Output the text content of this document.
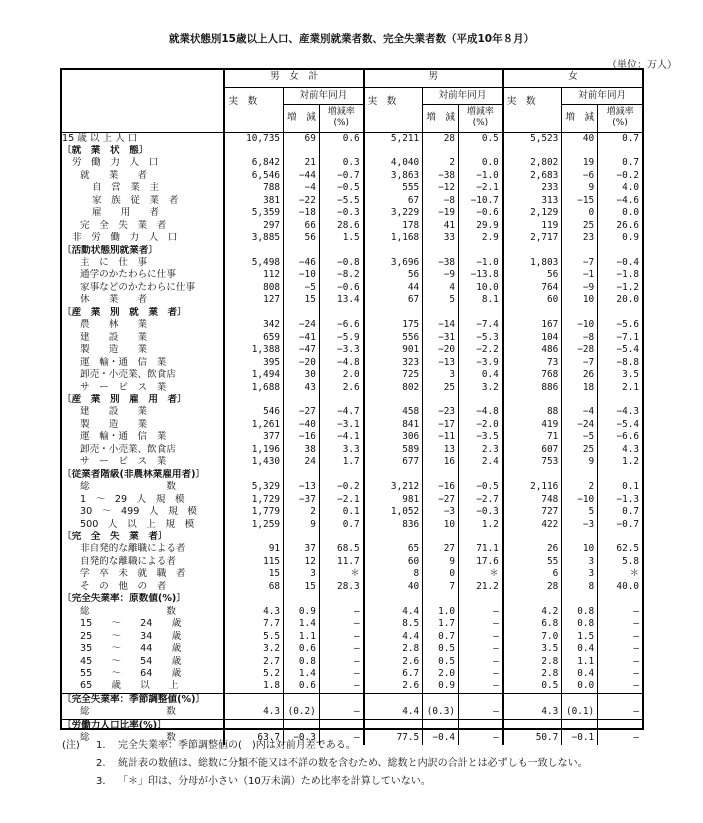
就業状態別15歳以上人口、産業別就業者数、完全失業者数（平成10年８月）
（単位：万人）
	男　女　計			男			女		
	実　数	対前年同月		実　数	対前年同月		実　数	対前年同月	
		増　減	増減率(%)		増　減	増減率(%)		増　減	増減率(%)
15 歳 以 上 人 口	10,735	69	0.6	5,211	28	0.5	5,523	40	0.7
〔就　業　状　態〕									
労　働　力　人　口	6,842	21	0.3	4,040	2	0.0	2,802	19	0.7
就　　業　　者	6,546	−44	−0.7	3,863	−38	−1.0	2,683	−6	−0.2
自　営　業　主	788	−4	−0.5	555	−12	−2.1	233	9	4.0
家　族　従　業　者	381	−22	−5.5	67	−8	−10.7	313	−15	−4.6
雇　　用　　者	5,359	−18	−0.3	3,229	−19	−0.6	2,129	0	0.0
完　全　失　業　者	297	66	28.6	178	41	29.9	119	25	26.6
非　労　働　力　人　口	3,885	56	1.5	1,168	33	2.9	2,717	23	0.9
〔活動状態別就業者〕									
主　に　仕　事	5,498	−46	−0.8	3,696	−38	−1.0	1,803	−7	−0.4
通学のかたわらに仕事	112	−10	−8.2	56	−9	−13.8	56	−1	−1.8
家事などのかたわらに仕事	808	−5	−0.6	44	4	10.0	764	−9	−1.2
休　　業　　者	127	15	13.4	67	5	8.1	60	10	20.0
〔産　業　別　就　業　者〕									
農　　林　　業	342	−24	−6.6	175	−14	−7.4	167	−10	−5.6
建　　設　　業	659	−41	−5.9	556	−31	−5.3	104	−8	−7.1
製　　造　　業	1,388	−47	−3.3	901	−20	−2.2	486	−28	−5.4
運　輸・通　信　業	395	−20	−4.8	323	−13	−3.9	73	−7	−8.8
卸売・小売業、飲食店	1,494	30	2.0	725	3	0.4	768	26	3.5
サ　ー　ビ　ス　業	1,688	43	2.6	802	25	3.2	886	18	2.1
〔産　業　別　雇　用　者〕									
建　　設　　業	546	−27	−4.7	458	−23	−4.8	88	−4	−4.3
製　　造　　業	1,261	−40	−3.1	841	−17	−2.0	419	−24	−5.4
運　輸・通　信　業	377	−16	−4.1	306	−11	−3.5	71	−5	−6.6
卸売・小売業、飲食店	1,196	38	3.3	589	13	2.3	607	25	4.3
サ　ー　ビ　ス　業	1,430	24	1.7	677	16	2.4	753	9	1.2
〔従業者階級(非農林業雇用者)〕									
総　　　　　　　　数	5,329	−13	−0.2	3,212	−16	−0.5	2,116	2	0.1
1　〜　29　人　規　模	1,729	−37	−2.1	981	−27	−2.7	748	−10	−1.3
30　〜　499　人　規　模	1,779	2	0.1	1,052	−3	−0.3	727	5	0.7
500　人　以　上　規　模	1,259	9	0.7	836	10	1.2	422	−3	−0.7
〔完　全　失　業　者〕									
非自発的な離職による者	91	37	68.5	65	27	71.1	26	10	62.5
自発的な離職による者	115	12	11.7	60	9	17.6	55	3	5.8
学　卒　未　就　職　者	15	3	＊	8	0	＊	6	3	＊
そ　の　他　の　者	68	15	28.3	40	7	21.2	28	8	40.0
〔完全失業率：原数値(%)〕									
総　　　　　　　　数	4.3	0.9	—	4.4	1.0	—	4.2	0.8	—
15　　〜　　24　　歳	7.7	1.4	—	8.5	1.7	—	6.8	0.8	—
25　　〜　　34　　歳	5.5	1.1	—	4.4	0.7	—	7.0	1.5	—
35　　〜　　44　　歳	3.2	0.6	—	2.8	0.5	—	3.5	0.4	—
45　　〜　　54　　歳	2.7	0.8	—	2.6	0.5	—	2.8	1.1	—
55　　〜　　64　　歳	5.2	1.4	—	6.7	2.0	—	2.8	0.4	—
65　　歳　　以　　上	1.8	0.6	—	2.6	0.9	—	0.5	0.0	—
〔完全失業率：季節調整値(%)〕									
総　　　　　　　　数	4.3	(0.2)	—	4.4	(0.3)	—	4.3	(0.1)	—
〔労働力人口比率(%)〕									
総　　　　　　　　数	63.7	−0.3	—	77.5	−0.4	—	50.7	−0.1	—
(注)	1.	完全失業率：季節調整値の(　)内は対前月差である。
2.	統計表の数値は、総数に分類不能又は不詳の数を含むため、総数と内訳の合計とは必ずしも一致しない。
3.	「＊」印は、分母が小さい（10万未満）ため比率を計算していない。
